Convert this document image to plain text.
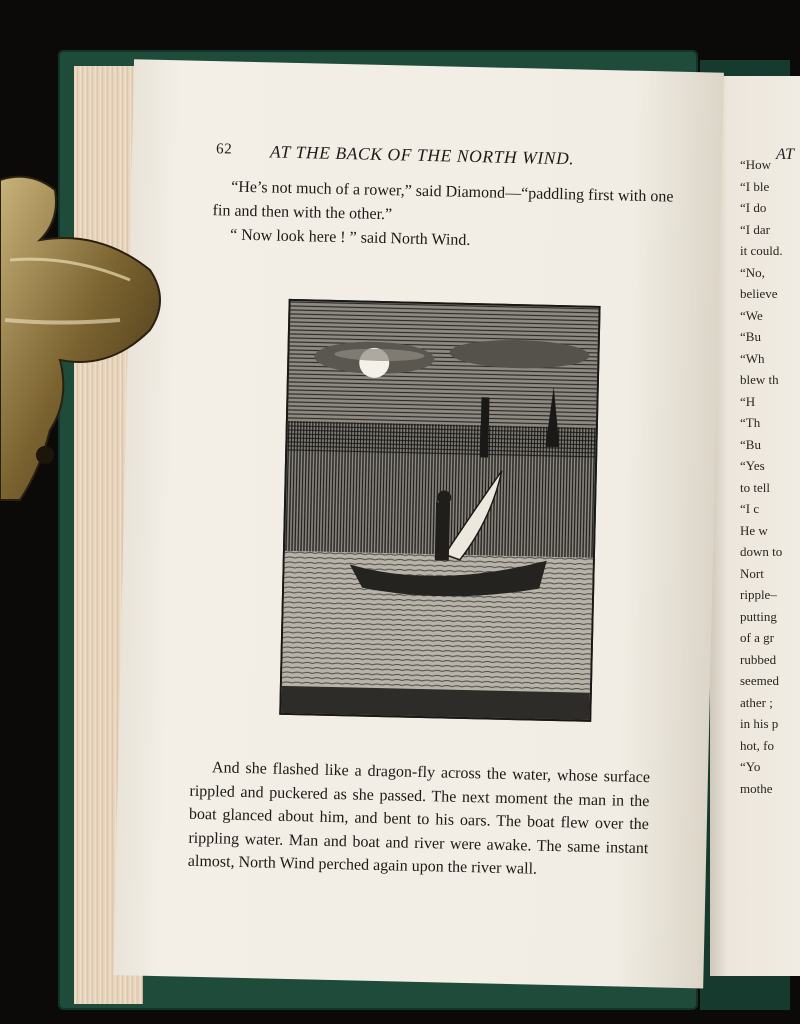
AT
“How
“I ble
“I do
“I dar
it could.
“No,
believe
“We
“Bu
“Wh
blew th
“H
“Th
“Bu
“Yes
to tell
“I c
He w
down to
Nort
ripple–
putting
of a gr
rubbed
seemed
ather ;
in his p
hot, fo
“Yo
mothe
62 AT THE BACK OF THE NORTH WIND.

“He’s not much of a rower,” said Diamond—“paddling first with one fin and then with the other.”

“ Now look here ! ” said North Wind.

And she flashed like a dragon-fly across the water, whose surface rippled and puckered as she passed. The next moment the man in the boat glanced about him, and bent to his oars. The boat flew over the rippling water. Man and boat and river were awake. The same instant almost, North Wind perched again upon the river wall.
